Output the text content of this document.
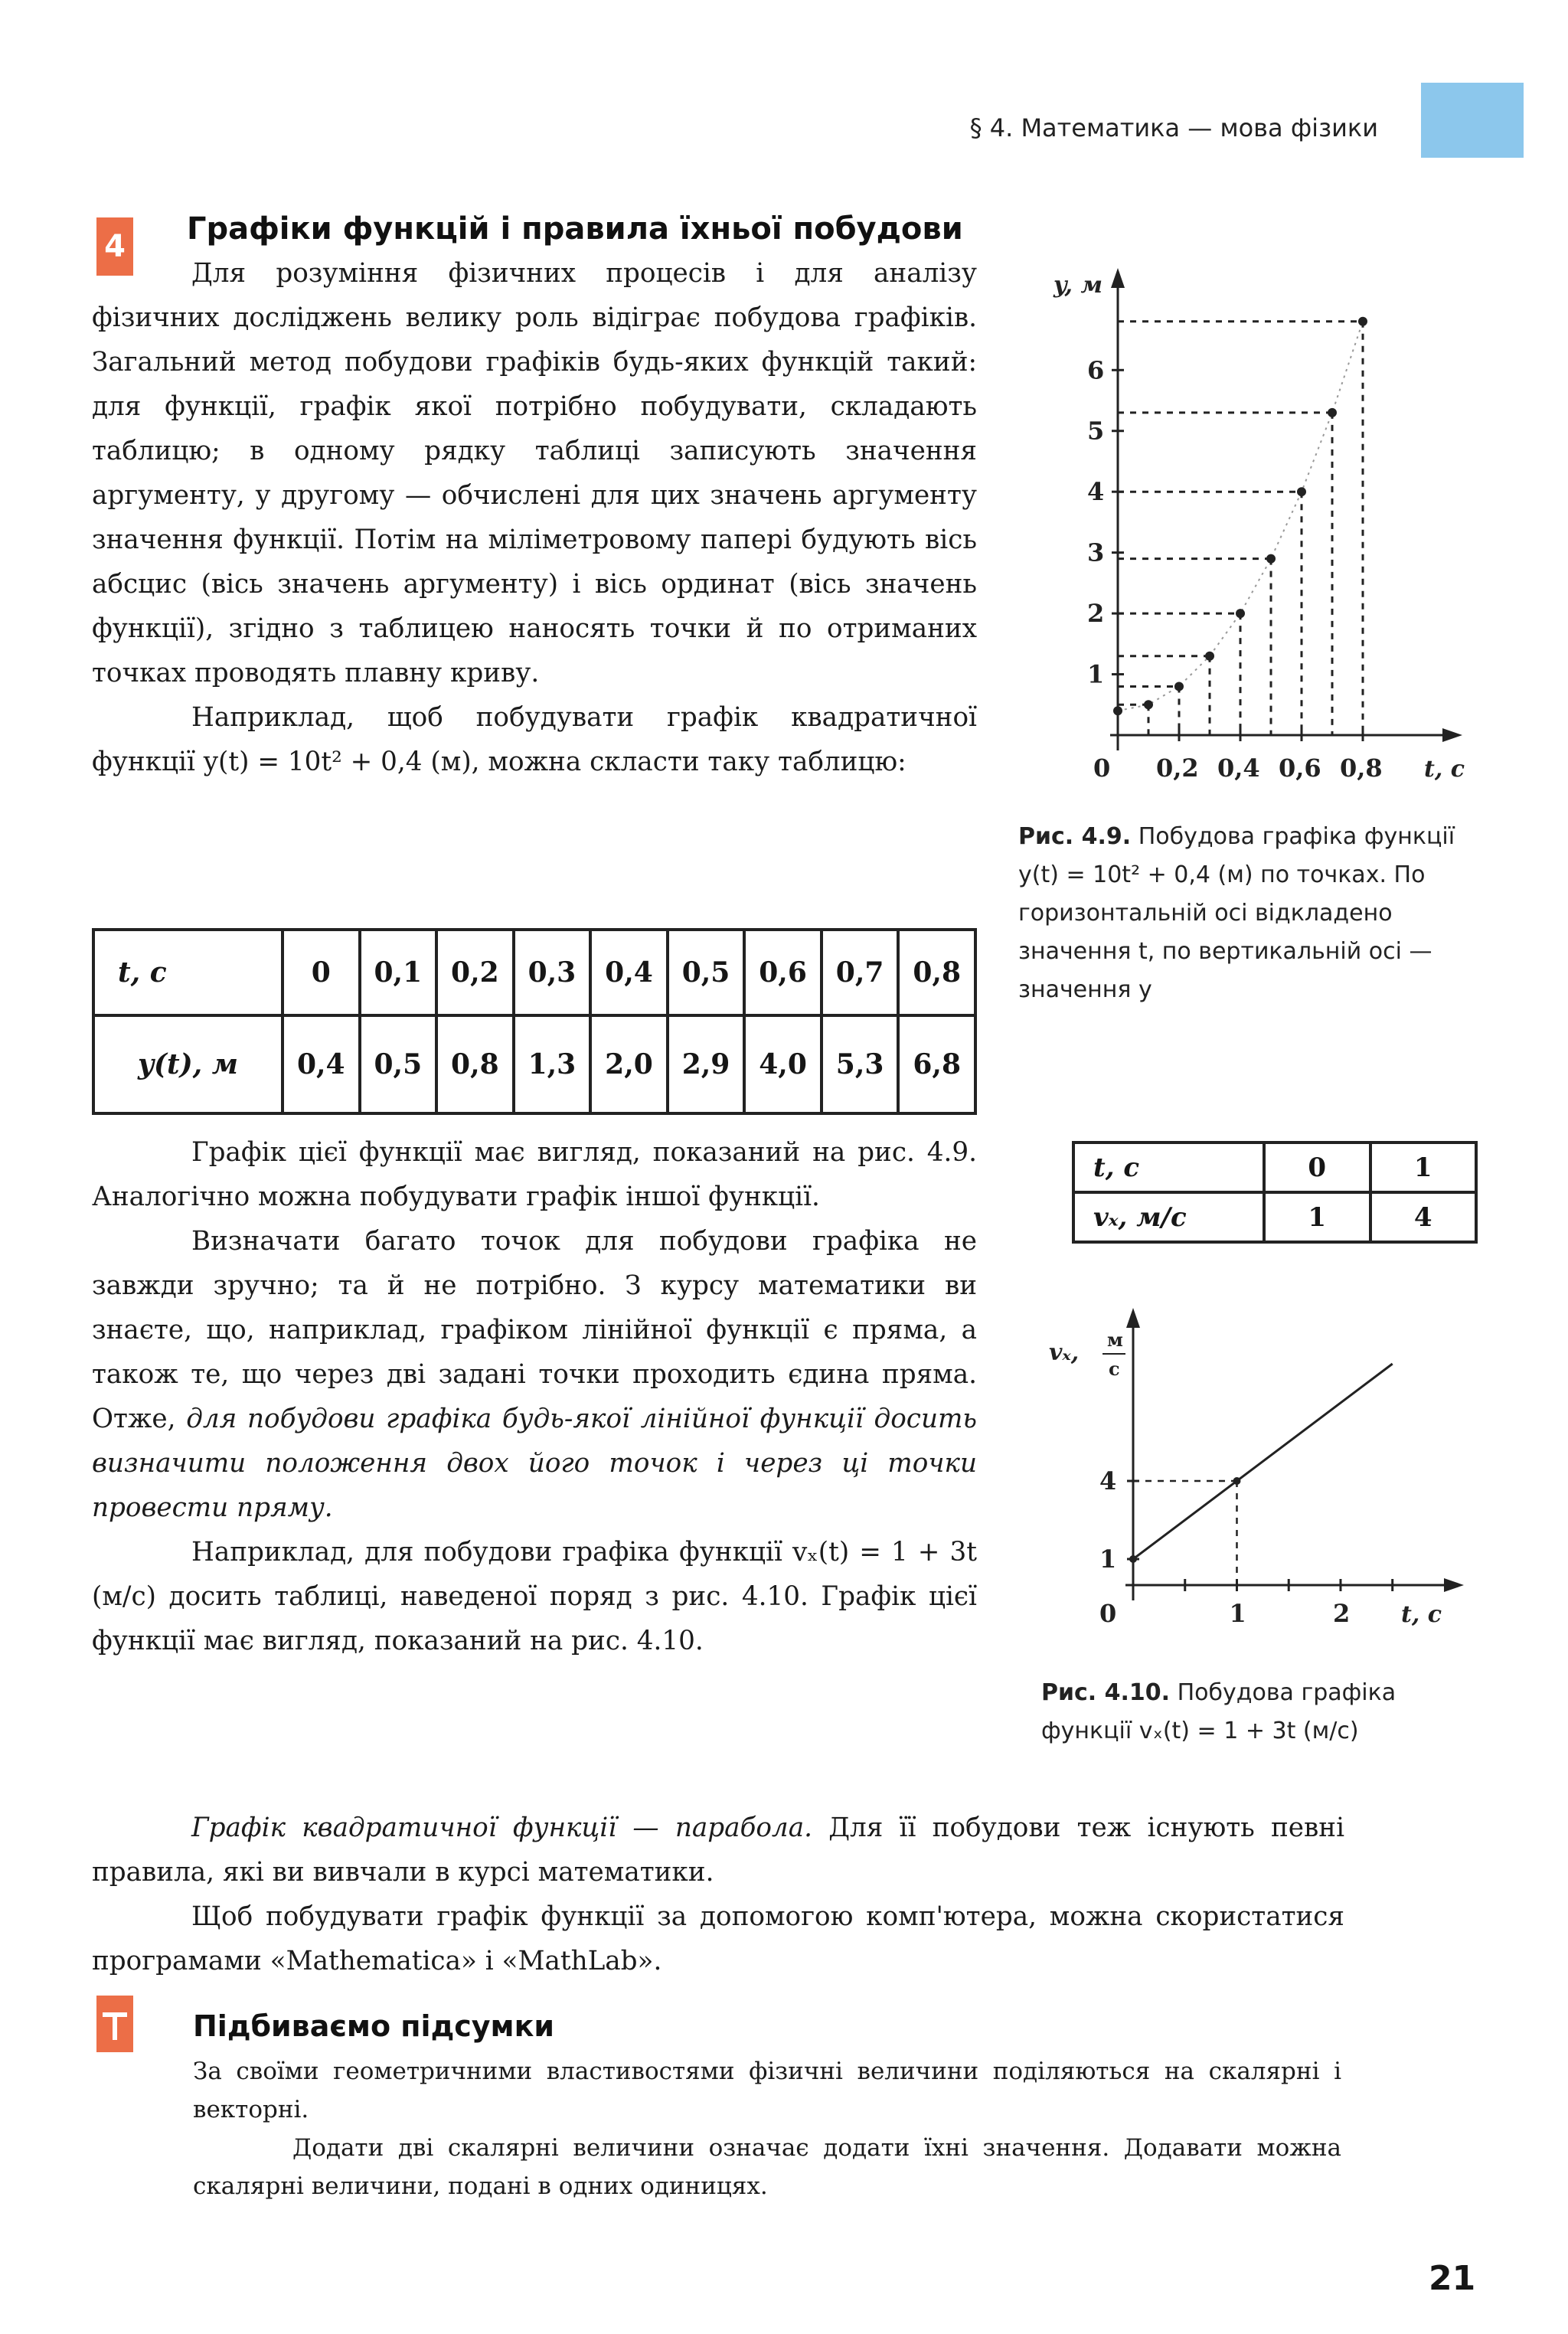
§ 4. Математика — мова фізики
4 Графіки функцій і правила їхньої побудови

Для розуміння фізичних процесів і для аналізу фізичних досліджень велику роль відіграє побудова графіків. Загальний метод побудови графіків будь-яких функцій такий: для функції, графік якої потрібно побудувати, складають таблицю; в одному рядку таблиці записують значення аргументу, у другому — обчислені для цих значень аргументу значення функції. Потім на міліметровому папері будують вісь абсцис (вісь значень аргументу) і вісь ординат (вісь значень функції), згідно з таблицею наносять точки й по отриманих точках проводять плавну криву.

Наприклад, щоб побудувати графік квадратичної функції y(t) = 10t² + 0,4 (м), можна скласти таку таблицю:

t, с	0	0,1	0,2	0,3	0,4	0,5	0,6	0,7	0,8
y(t), м	0,4	0,5	0,8	1,3	2,0	2,9	4,0	5,3	6,8

Графік цієї функції має вигляд, показаний на рис. 4.9. Аналогічно можна побудувати графік іншої функції.

Визначати багато точок для побудови графіка не завжди зручно; та й не потрібно. З курсу математики ви знаєте, що, наприклад, графіком лінійної функції є пряма, а також те, що через дві задані точки проходить єдина пряма. Отже, для побудови графіка будь-якої лінійної функції досить визначити положення двох його точок і через ці точки провести пряму.

Наприклад, для побудови графіка функції vₓ(t) = 1 + 3t (м/с) досить таблиці, наведеної поряд з рис. 4.10. Графік цієї функції має вигляд, показаний на рис. 4.10.

Графік квадратичної функції — парабола. Для її побудови теж існують певні правила, які ви вивчали в курсі математики.

Щоб побудувати графік функції за допомогою комп'ютера, можна скористатися програмами «Mathematica» і «MathLab».

y, м
t, с
0
1
2
3
4
5
6
0,2 0,4 0,6 0,8
Рис. 4.9. Побудова графіка функції y(t) = 10t² + 0,4 (м) по точках. По горизонтальній осі відкладено значення t, по вертикальній осі — значення y
t, с	0	1
vₓ, м/с	1	4
vₓ, м
с
t, с
0
1
4
1	2
Рис. 4.10. Побудова графіка функції vₓ(t) = 1 + 3t (м/с)
Підбиваємо підсумки

За своїми геометричними властивостями фізичні величини поділяються на скалярні і векторні.

Додати дві скалярні величини означає додати їхні значення. Додавати можна скалярні величини, подані в одних одиницях.

21
